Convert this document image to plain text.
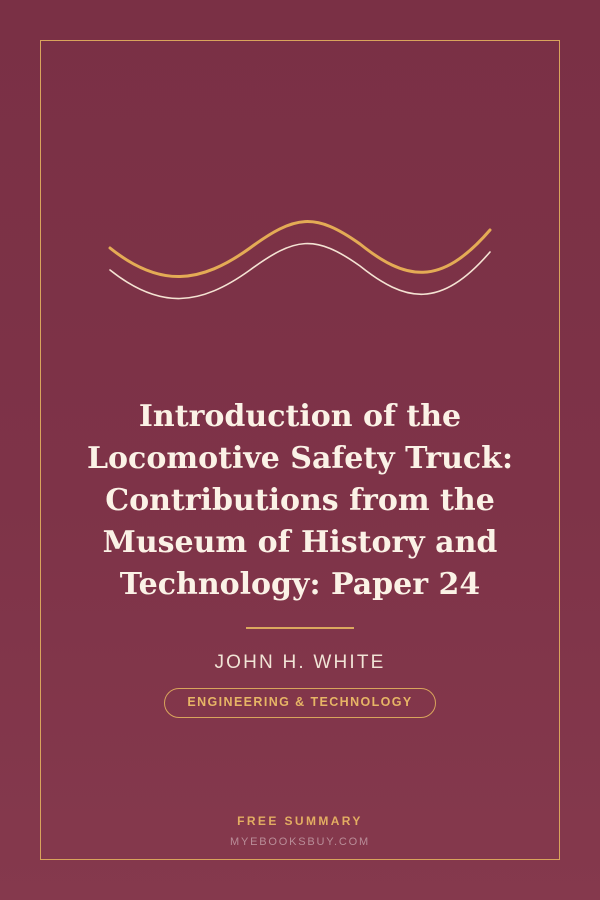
Introduction of the Locomotive Safety Truck: Contributions from the Museum of History and Technology: Paper 24
JOHN H. WHITE
ENGINEERING & TECHNOLOGY
FREE SUMMARY
MYEBOOKSBUY.COM
